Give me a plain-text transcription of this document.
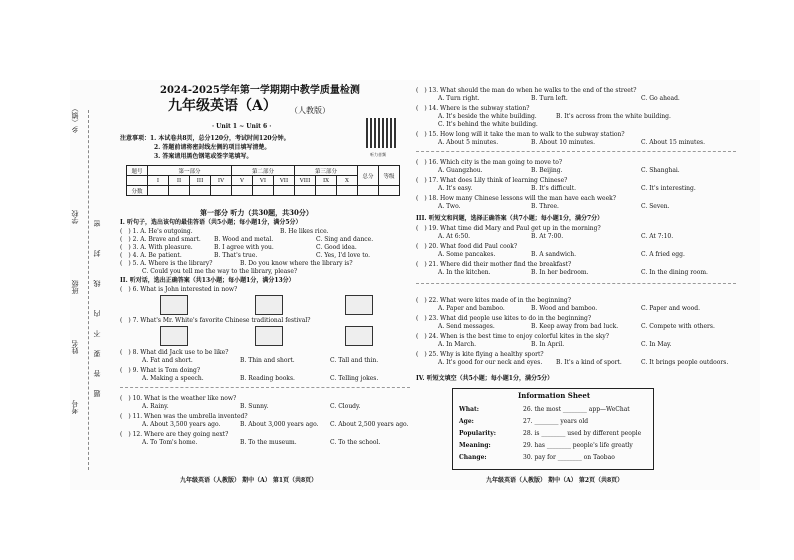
乡（镇）
学校
班级
姓名
考号
密
封
线
内
不
要
答
题
2024-2025学年第一学期期中教学质量检测
九年级英语（A） （人教版）
· Unit 1 ~ Unit 6 ·
注意事项：1. 本试卷共8页，总分120分，考试时间120分钟。
2. 答题前请将密封线左侧的项目填写清楚。
3. 答案请用黑色钢笔或签字笔填写。	听力音频
题号	第一部分				第二部分			第三部分			总分	等级
	I	II	III	IV	V	VI	VII	VIII	IX	X		
分数												
第一部分 听力（共30题，共30分）
I. 听句子，选出该句的最佳答语（共5小题；每小题1分，满分5分）
(　) 1. A. He's outgoing.	B. He likes rice.
(　) 2. A. Brave and smart. B. Wood and metal.	C. Sing and dance.
(　) 3. A. With pleasure.	B. I agree with you.	C. Good idea.
(　) 4. A. Be patient.	B. That's true.	C. Yes, I'd love to.
(　) 5. A. Where is the library?	B. Do you know where the library is?
C. Could you tell me the way to the library, please?
II. 听对话，选出正确答案（共13小题；每小题1分，满分13分）
(　) 6. What is John interested in now?
(　) 7. What's Mr. White's favorite Chinese traditional festival?
(　) 8. What did Jack use to be like?
A. Fat and short.	B. Thin and short.	C. Tall and thin.
(　) 9. What is Tom doing?
A. Making a speech.	B. Reading books.	C. Telling jokes.
(　) 10. What is the weather like now?
A. Rainy.	B. Sunny.	C. Cloudy.
(　) 11. When was the umbrella invented?
A. About 3,500 years ago.	B. About 3,000 years ago. C. About 2,500 years ago.
(　) 12. Where are they going next?
A. To Tom's home.	B. To the museum.	C. To the school.
九年级英语（人教版） 期中（A） 第1页（共8页）
(　) 13. What should the man do when he walks to the end of the street?
A. Turn right.	B. Turn left.	C. Go ahead.
(　) 14. Where is the subway station?
A. It's beside the white building.	B. It's across from the white building.
C. It's behind the white building.
(　) 15. How long will it take the man to walk to the subway station?
A. About 5 minutes.	B. About 10 minutes.	C. About 15 minutes.
(　) 16. Which city is the man going to move to?
A. Guangzhou.	B. Beijing.	C. Shanghai.
(　) 17. What does Lily think of learning Chinese?
A. It's easy.	B. It's difficult.	C. It's interesting.
(　) 18. How many Chinese lessons will the man have each week?
A. Two.	B. Three.	C. Seven.
III. 听短文和问题，选择正确答案（共7小题；每小题1分，满分7分）
(　) 19. What time did Mary and Paul get up in the morning?
A. At 6:50.	B. At 7:00.	C. At 7:10.
(　) 20. What food did Paul cook?
A. Some pancakes.	B. A sandwich.	C. A fried egg.
(　) 21. Where did their mother find the breakfast?
A. In the kitchen.	B. In her bedroom.	C. In the dining room.
(　) 22. What were kites made of in the beginning?
A. Paper and bamboo.	B. Wood and bamboo.	C. Paper and wood.
(　) 23. What did people use kites to do in the beginning?
A. Send messages.	B. Keep away from bad luck.	C. Compete with others.
(　) 24. When is the best time to enjoy colorful kites in the sky?
A. In March.	B. In April.	C. In May.
(　) 25. Why is kite flying a healthy sport?
A. It's good for our neck and eyes. B. It's a kind of sport.	C. It brings people outdoors.
IV. 听短文填空（共5小题；每小题1分，满分5分）
Information Sheet
What:	26. the most ________ app—WeChat
Age:	27. ________ years old
Popularity:	28. is ________ used by different people
Meaning:	29. has ________ people's life greatly
Change:	30. pay for ________ on Taobao
九年级英语（人教版） 期中（A） 第2页（共8页）
